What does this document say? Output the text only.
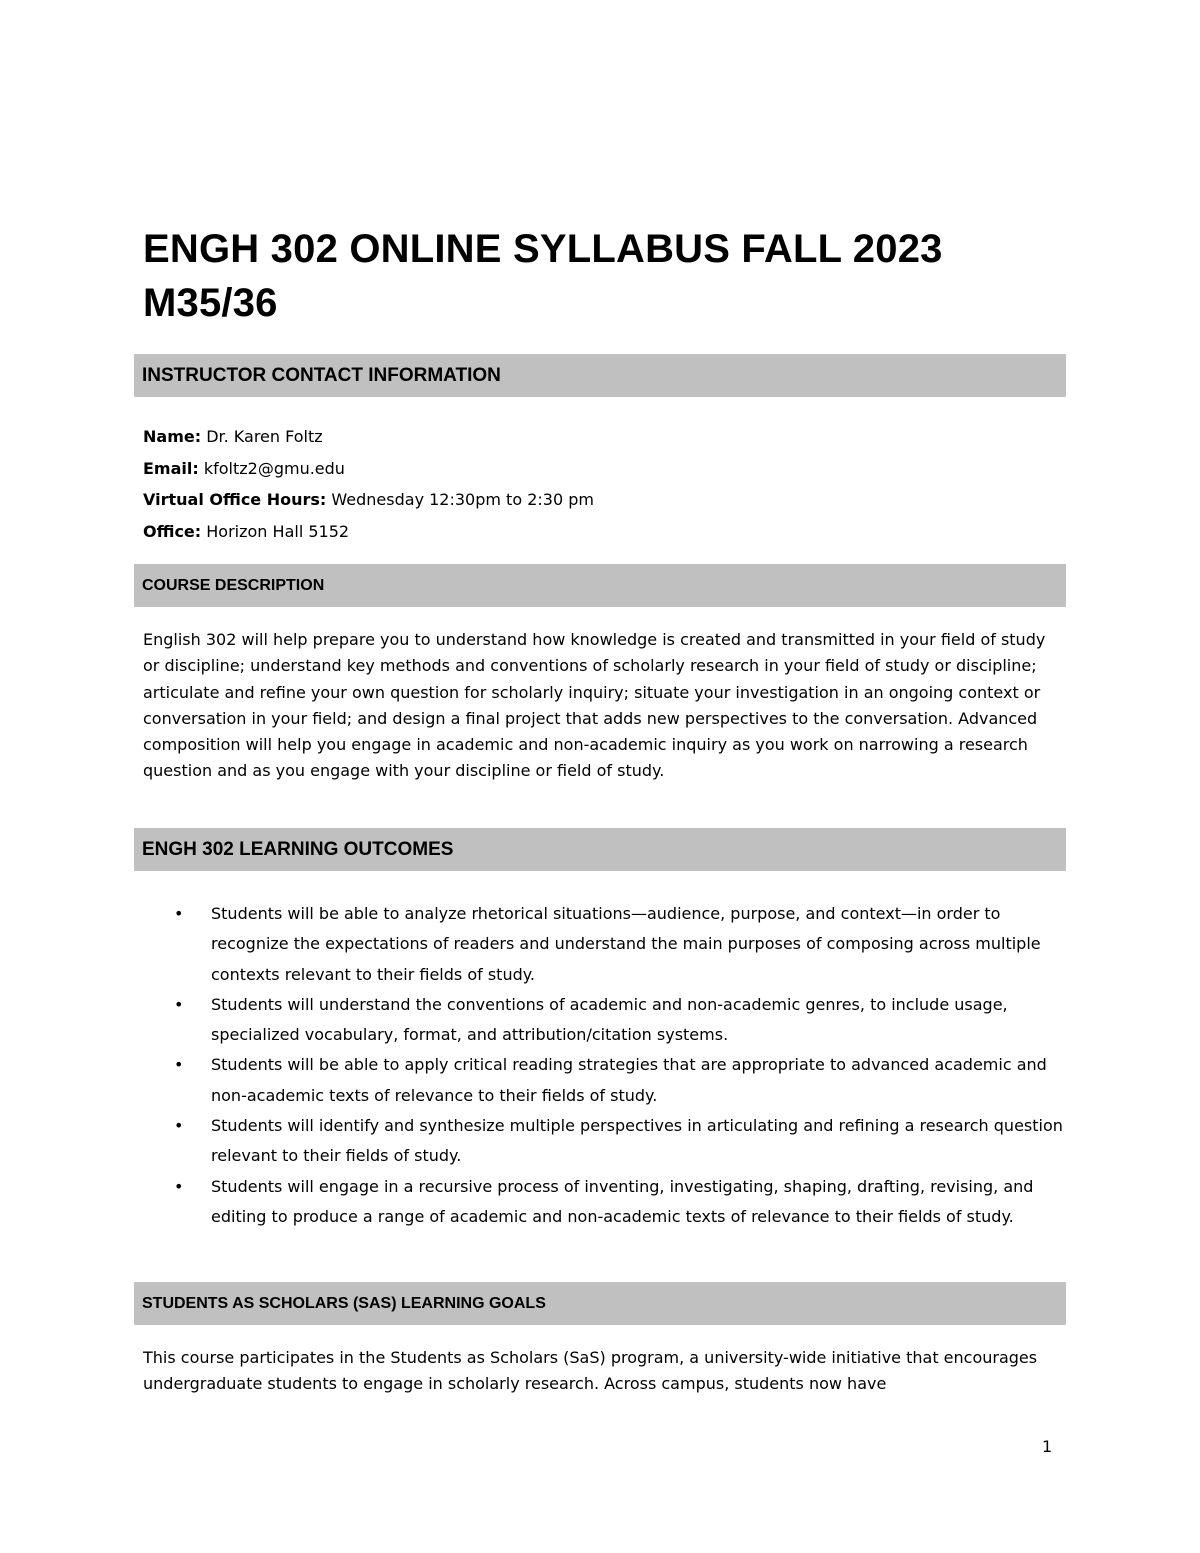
ENGH 302 ONLINE SYLLABUS FALL 2023 M35/36
INSTRUCTOR CONTACT INFORMATION
Name: Dr. Karen Foltz
Email: kfoltz2@gmu.edu
Virtual Office Hours: Wednesday 12:30pm to 2:30 pm
Office: Horizon Hall 5152
COURSE DESCRIPTION

English 302 will help prepare you to understand how knowledge is created and transmitted in your field of study or discipline; understand key methods and conventions of scholarly research in your field of study or discipline; articulate and refine your own question for scholarly inquiry; situate your investigation in an ongoing context or conversation in your field; and design a final project that adds new perspectives to the conversation. Advanced composition will help you engage in academic and non-academic inquiry as you work on narrowing a research question and as you engage with your discipline or field of study.

ENGH 302 LEARNING OUTCOMES
• Students will be able to analyze rhetorical situations—audience, purpose, and context—in order to recognize the expectations of readers and understand the main purposes of composing across multiple contexts relevant to their fields of study.
• Students will understand the conventions of academic and non-academic genres, to include usage, specialized vocabulary, format, and attribution/citation systems.
• Students will be able to apply critical reading strategies that are appropriate to advanced academic and non-academic texts of relevance to their fields of study.
• Students will identify and synthesize multiple perspectives in articulating and refining a research question relevant to their fields of study.
• Students will engage in a recursive process of inventing, investigating, shaping, drafting, revising, and editing to produce a range of academic and non-academic texts of relevance to their fields of study.
STUDENTS AS SCHOLARS (SAS) LEARNING GOALS

This course participates in the Students as Scholars (SaS) program, a university-wide initiative that encourages undergraduate students to engage in scholarly research. Across campus, students now have

1
